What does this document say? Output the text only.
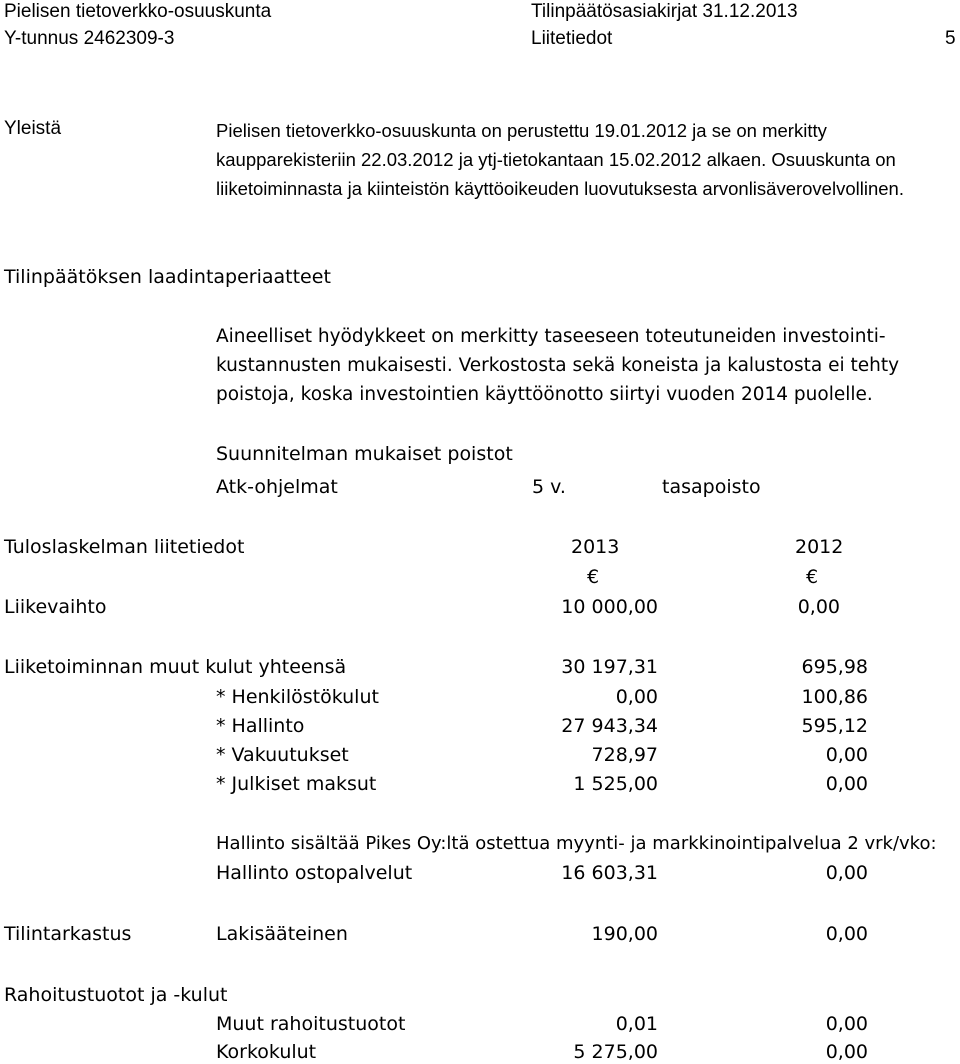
Pielisen tietoverkko-osuuskunta	Tilinpäätösasiakirjat 31.12.2013
Y-tunnus 2462309-3	Liitetiedot	5
Yleistä	Pielisen tietoverkko-osuuskunta on perustettu 19.01.2012 ja se on merkitty kaupparekisteriin 22.03.2012 ja ytj-tietokantaan 15.02.2012 alkaen. Osuuskunta on liiketoiminnasta ja kiinteistön käyttöoikeuden luovutuksesta arvonlisäverovelvollinen.
Tilinpäätöksen laadintaperiaatteet
Aineelliset hyödykkeet on merkitty taseeseen toteutuneiden investointi-kustannusten mukaisesti. Verkostosta sekä koneista ja kalustosta ei tehty poistoja, koska investointien käyttöönotto siirtyi vuoden 2014 puolelle.
Suunnitelman mukaiset poistot
Atk-ohjelmat	5 v.	tasapoisto
Tuloslaskelman liitetiedot	2013	2012
€	€
Liikevaihto	10 000,00	0,00
Liiketoiminnan muut kulut yhteensä	30 197,31	695,98
* Henkilöstökulut	0,00	100,86
* Hallinto	27 943,34	595,12
* Vakuutukset	728,97	0,00
* Julkiset maksut	1 525,00	0,00
Hallinto sisältää Pikes Oy:ltä ostettua myynti- ja markkinointipalvelua 2 vrk/vko:
Hallinto ostopalvelut	16 603,31	0,00
Tilintarkastus	Lakisääteinen	190,00	0,00
Rahoitustuotot ja -kulut
Muut rahoitustuotot	0,01	0,00
Korkokulut	5 275,00	0,00
